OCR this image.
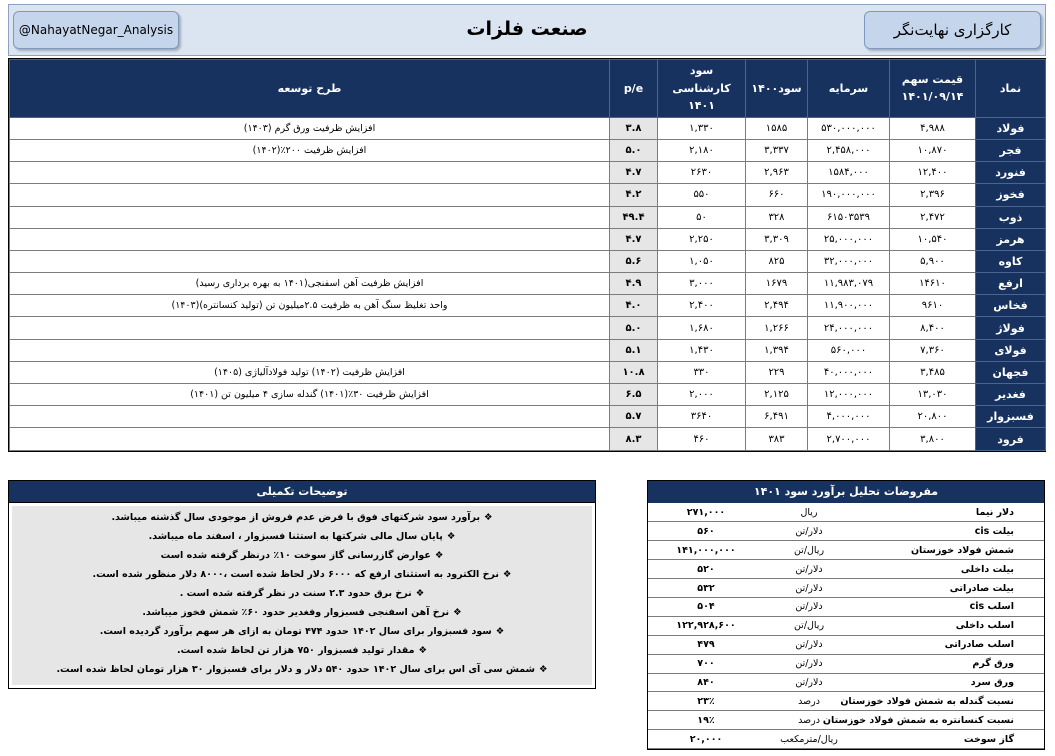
@NahayatNegar_Analysis	صنعت فلزات	کارگزاری نهایت‌نگر
نماد	قیمت سهم ۱۴۰۱/۰۹/۱۴	سرمایه	سود۱۴۰۰	سود کارشناسی ۱۴۰۱	p/e	طرح توسعه
فولاد	۴,۹۸۸	۵۳۰,۰۰۰,۰۰۰	۱۵۸۵	۱,۳۳۰	۳.۸	افزایش ظرفیت ورق گرم (۱۴۰۳)
فجر	۱۰,۸۷۰	۲,۴۵۸,۰۰۰	۳,۳۳۷	۲,۱۸۰	۵.۰	افزایش ظرفیت ۲۰۰٪(۱۴۰۲)
فنورد	۱۲,۴۰۰	۱۵۸۴,۰۰۰	۲,۹۶۳	۲۶۳۰	۴.۷	
فخوز	۲,۳۹۶	۱۹۰,۰۰۰,۰۰۰	۶۶۰	۵۵۰	۴.۲	
ذوب	۲,۴۷۲	۶۱۵۰۳۵۳۹	۳۲۸	۵۰	۴۹.۴	
هرمز	۱۰,۵۴۰	۲۵,۰۰۰,۰۰۰	۳,۳۰۹	۲,۲۵۰	۴.۷	
کاوه	۵,۹۰۰	۳۲,۰۰۰,۰۰۰	۸۲۵	۱,۰۵۰	۵.۶	
ارفع	۱۴۶۱۰	۱۱,۹۸۳,۰۷۹	۱۶۷۹	۳,۰۰۰	۴.۹	افزایش ظرفیت آهن اسفنجی(۱۴۰۱ به بهره برداری رسید)
فخاس	۹۶۱۰	۱۱,۹۰۰,۰۰۰	۲,۴۹۴	۲,۴۰۰	۴.۰	واحد تغلیظ سنگ آهن به ظرفیت ۲.۵میلیون تن (تولید کنسانتره)(۱۴۰۳)
فولاژ	۸,۴۰۰	۲۴,۰۰۰,۰۰۰	۱,۲۶۶	۱,۶۸۰	۵.۰	
فولای	۷,۳۶۰	۵۶۰,۰۰۰	۱,۳۹۴	۱,۴۳۰	۵.۱	
فجهان	۳,۴۸۵	۴۰,۰۰۰,۰۰۰	۲۲۹	۳۳۰	۱۰.۸	افزایش ظرفیت (۱۴۰۲) تولید فولادآلیاژی (۱۴۰۵)
فغدیر	۱۳,۰۳۰	۱۲,۰۰۰,۰۰۰	۲,۱۲۵	۲,۰۰۰	۶.۵	افزایش ظرفیت ۳۰٪(۱۴۰۱) گندله سازی ۴ میلیون تن (۱۴۰۱)
فسبزوار	۲۰,۸۰۰	۴,۰۰۰,۰۰۰	۶,۴۹۱	۳۶۴۰	۵.۷	
فرود	۳,۸۰۰	۲,۷۰۰,۰۰۰	۳۸۳	۴۶۰	۸.۳	
توضیحات تکمیلی
❖برآورد سود شرکتهای فوق با فرض عدم فروش از موجودی سال گذشته میباشد.
❖پایان سال مالی شرکتها به استثنا فسبزوار ، اسفند ماه میباشد.
❖عوارض گازرسانی گاز سوخت ۱۰٪ درنظر گرفته شده است
❖نرخ الکترود به استثنای ارفع که ۶۰۰۰ دلار لحاظ شده است ،۸۰۰۰ دلار منظور شده است.
❖نرخ برق حدود ۲.۳ سنت در نظر گرفته شده است .
❖نرخ آهن اسفنجی فسبزوار وفغدیر حدود ۶۰٪ شمش فخوز میباشد.
❖سود فسبزوار برای سال ۱۴۰۲ حدود ۴۷۴ تومان به ازای هر سهم برآورد گردیده است.
❖مقدار تولید فسبزوار ۷۵۰ هزار تن لحاظ شده است.
❖شمش سی آی اس برای سال ۱۴۰۲ حدود ۵۴۰ دلار و دلار برای فسبزوار ۳۰ هزار تومان لحاظ شده است.
مفروضات تحلیل برآورد سود ۱۴۰۱
دلار نیما	ریال	۲۷۱,۰۰۰
بیلت cis	دلار/تن	۵۶۰
شمش فولاد خوزستان	ریال/تن	۱۴۱,۰۰۰,۰۰۰
بیلت داخلی	دلار/تن	۵۲۰
بیلت صادراتی	دلار/تن	۵۳۲
اسلب cis	دلار/تن	۵۰۴
اسلب داخلی	ریال/تن	۱۲۲,۹۲۸,۶۰۰
اسلب صادراتی	دلار/تن	۴۷۹
ورق گرم	دلار/تن	۷۰۰
ورق سرد	دلار/تن	۸۴۰
نسبت گندله به شمش فولاد خوزستان	درصد	۲۳٪
نسبت کنسانتره به شمش فولاد خوزستان	درصد	۱۹٪
گاز سوخت	ریال/مترمکعب	۲۰,۰۰۰
